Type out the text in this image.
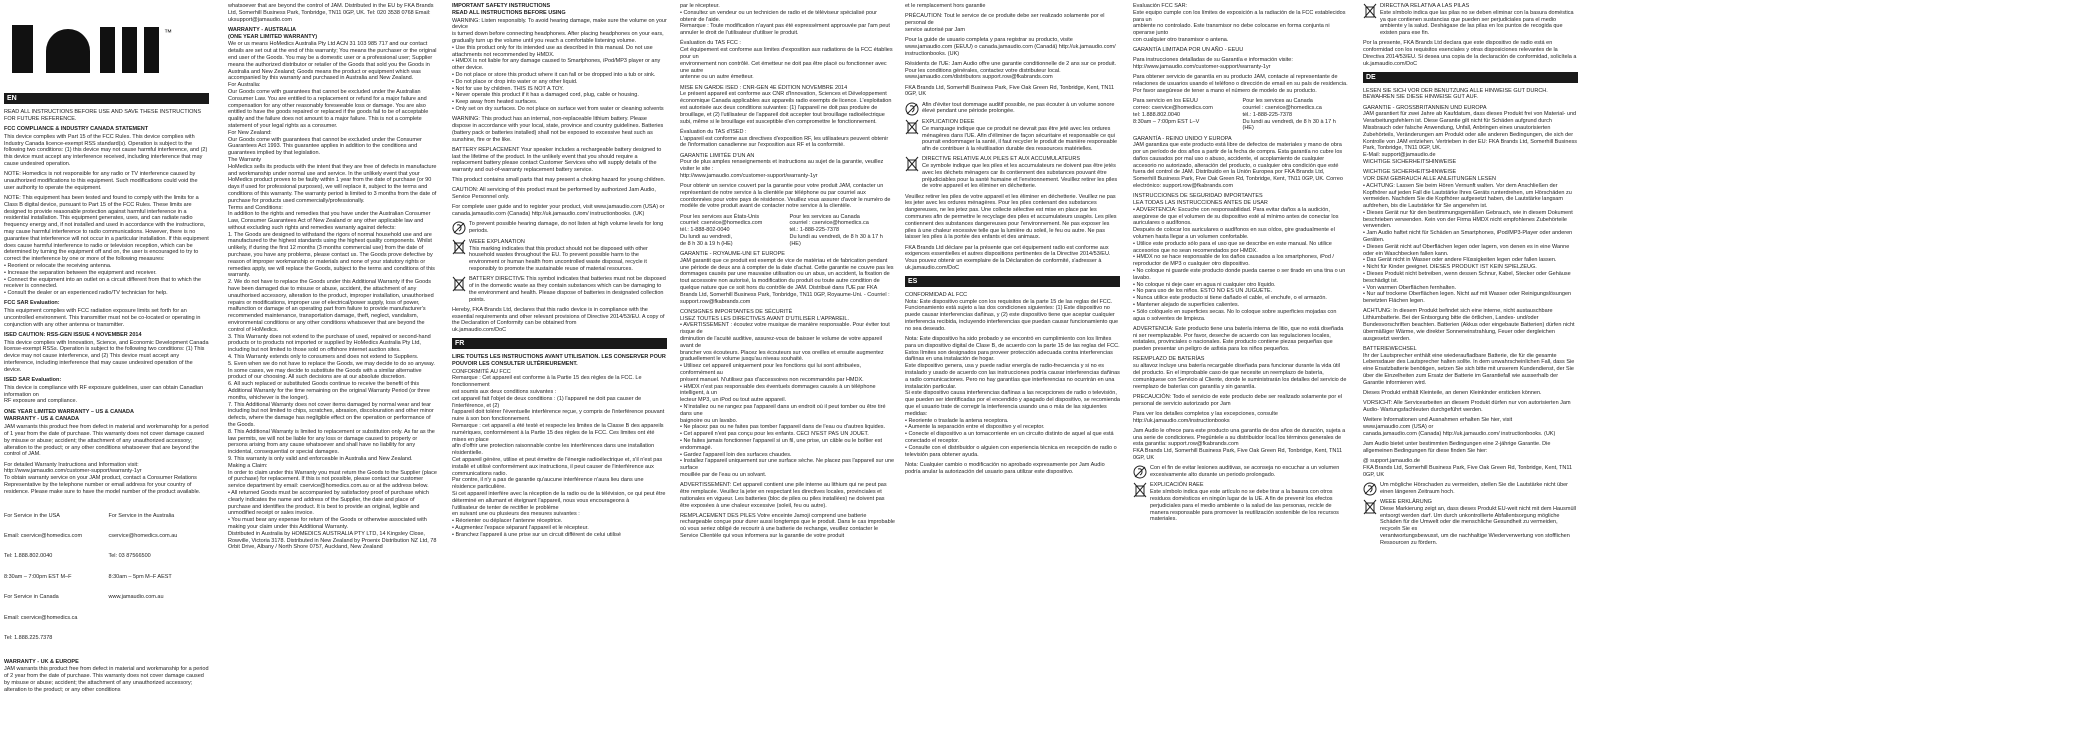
™
EN

READ ALL INSTRUCTIONS BEFORE USE AND SAVE THESE INSTRUCTIONS FOR FUTURE REFERENCE.

FCC COMPLIANCE & INDUSTRY CANADA STATEMENT

This device complies with Part 15 of the FCC Rules. This device complies with Industry Canada licence-exempt RSS standard(s). Operation is subject to the following two conditions: (1) this device may not cause harmful interference, and (2) this device must accept any interference received, including interference that may cause undesired operation.

NOTE: Homedics is not responsible for any radio or TV interference caused by unauthorized modifications to this equipment. Such modifications could void the user authority to operate the equipment.

NOTE: This equipment has been tested and found to comply with the limits for a Class B digital device, pursuant to Part 15 of the FCC Rules. These limits are designed to provide reasonable protection against harmful interference in a residential installation. This equipment generates, uses, and can radiate radio frequency energy and, if not installed and used in accordance with the instructions, may cause harmful interference to radio communications. However, there is no guarantee that interference will not occur in a particular installation. If this equipment does cause harmful interference to radio or television reception, which can be determined by turning the equipment off and on, the user is encouraged to try to correct the interference by one or more of the following measures:
• Reorient or relocate the receiving antenna.
• Increase the separation between the equipment and receiver.
• Connect the equipment into an outlet on a circuit different from that to which the receiver is connected.
• Consult the dealer or an experienced radio/TV technician for help.

FCC SAR Evaluation:

This equipment complies with FCC radiation exposure limits set forth for an uncontrolled environment. This transmitter must not be co-located or operating in conjunction with any other antenna or transmitter.

ISED CAUTION: RSS-GEN ISSUE 4 NOVEMBER 2014

This device complies with Innovation, Science, and Economic Development Canada license-exempt RSSs. Operation is subject to the following two conditions: (1) This device may not cause interference, and (2) This device must accept any interference, including interference that may cause undesired operation of the device.

ISED SAR Evaluation:

This device is compliance with RF exposure guidelines, user can obtain Canadian information on
RF exposure and compliance.

ONE YEAR LIMITED WARRANTY – US & CANADA
WARRANTY - US & CANADA

JAM warrants this product free from defect in material and workmanship for a period of 1 year from the date of purchase. This warranty does not cover damage caused by misuse or abuse; accident; the attachment of any unauthorized accessory; alteration to the product; or any other conditions whatsoever that are beyond the control of JAM.

For detailed Warranty Instructions and Information visit:
http://www.jamaudio.com/customer-support/warranty-1yr
To obtain warranty service on your JAM product, contact a Consumer Relations Representative by the telephone number or email address for your country of residence. Please make sure to have the model number of the product available.

For Service in the USA

Email: cservice@homedics.com

Tel: 1.888.802.0040

8:30am – 7:00pm EST M–F

For Service in Canada

Email: cservice@homedics.ca

Tel: 1.888.225.7378

For Service in the Australia

cservice@homedics.com.au

Tel: 03 87566500

8:30am – 5pm M–F AEST

www.jamaudio.com.au

WARRANTY - UK & EUROPE

JAM warrants this product free from defect in material and workmanship for a period of 2 year from the date of purchase. This warranty does not cover damage caused by misuse or abuse; accident; the attachment of any unauthorized accessory; alteration to the product; or any other conditions

whatsoever that are beyond the control of JAM. Distributed in the EU by FKA Brands Ltd, Somerhill Business Park, Tonbridge, TN11 0GP, UK. Tel: 020 3538 0768 Email: uksupport@jamaudio.com

WARRANTY - AUSTRALIA
(ONE YEAR LIMITED WARRANTY)

We or us means HoMedics Australia Pty Ltd ACN 31 103 985 717 and our contact details are set out at the end of this warranty; You means the purchaser or the original end user of the Goods. You may be a domestic user or a professional user; Supplier means the authorized distributor or retailer of the Goods that sold you the Goods in Australia and New Zealand; Goods means the product or equipment which was accompanied by this warranty and purchased in Australia and New Zealand.
For Australia:
Our Goods come with guarantees that cannot be excluded under the Australian Consumer Law. You are entitled to a replacement or refund for a major failure and compensation for any other reasonably foreseeable loss or damage. You are also entitled to have the goods repaired or replaced if the goods fail to be of acceptable quality and the failure does not amount to a major failure. This is not a complete statement of your legal rights as a consumer.
For New Zealand:
Our Goods come with guarantees that cannot be excluded under the Consumer Guarantees Act 1993. This guarantee applies in addition to the conditions and guarantees implied by that legislation.
The Warranty
HoMedics sells its products with the intent that they are free of defects in manufacture and workmanship under normal use and service. In the unlikely event that your HoMedics product proves to be faulty within 1 year from the date of purchase (or 90 days if used for professional purposes), we will replace it, subject to the terms and conditions of this warranty. The warranty period is limited to 3 months from the date of purchase for products used commercially/professionally.
Terms and Conditions:
In addition to the rights and remedies that you have under the Australian Consumer Law, Consumer Guarantees Act of New Zealand or any other applicable law and without excluding such rights and remedies warranty against defects:
1. The Goods are designed to withstand the rigors of normal household use and are manufactured to the highest standards using the highest quality components. Whilst unlikely, if during the first 12 months (3 months commercial use) from the date of purchase, you have any problems, please contact us. The Goods prove defective by reason of improper workmanship or materials and none of your statutory rights or remedies apply, we will replace the Goods, subject to the terms and conditions of this warranty.
2. We do not have to replace the Goods under this Additional Warranty if the Goods have been damaged due to misuse or abuse, accident, the attachment of any unauthorised accessory, alteration to the product, improper installation, unauthorised repairs or modifications, improper use of electrical/power supply, loss of power, malfunction or damage of an operating part from failure to provide manufacturer's recommended maintenance, transportation damage, theft, neglect, vandalism, environmental conditions or any other conditions whatsoever that are beyond the control of HoMedics.
3. This Warranty does not extend to the purchase of used, repaired or second-hand products or to products not imported or supplied by HoMedics Australia Pty Ltd, including but not limited to those sold on offshore internet auction sites.
4. This Warranty extends only to consumers and does not extend to Suppliers.
5. Even when we do not have to replace the Goods, we may decide to do so anyway. In some cases, we may decide to substitute the Goods with a similar alternative product of our choosing. All such decisions are at our absolute discretion.
6. All such replaced or substituted Goods continue to receive the benefit of this Additional Warranty for the time remaining on the original Warranty Period (or three months, whichever is the longer).
7. This Additional Warranty does not cover items damaged by normal wear and tear including but not limited to chips, scratches, abrasion, discolouration and other minor defects, where the damage has negligible effect on the operation or performance of the Goods.
8. This Additional Warranty is limited to replacement or substitution only. As far as the law permits, we will not be liable for any loss or damage caused to property or persons arising from any cause whatsoever and shall have no liability for any incidental, consequential or special damages.
9. This warranty is only valid and enforceable in Australia and New Zealand.
Making a Claim:
In order to claim under this Warranty you must return the Goods to the Supplier (place of purchase) for replacement. If this is not possible, please contact our customer service department by email: cservice@homedics.com.au or at the address below.
• All returned Goods must be accompanied by satisfactory proof of purchase which clearly indicates the name and address of the Supplier, the date and place of purchase and identifies the product. It is best to provide an original, legible and unmodified receipt or sales invoice.
• You must bear any expense for return of the Goods or otherwise associated with making your claim under this Additional Warranty.
Distributed in Australia by HOMEDICS AUSTRALIA PTY LTD, 14 Kingsley Close, Rowville, Victoria 3178. Distributed in New Zealand by Proenix Distribution NZ Ltd, 78 Orbit Drive, Albany / North Shore 0757, Auckland, New Zealand

IMPORTANT SAFETY INSTRUCTIONS
READ ALL INSTRUCTIONS BEFORE USING

WARNING: Listen responsibly. To avoid hearing damage, make sure the volume on your device
is turned down before connecting headphones. After placing headphones on your ears, gradually turn up the volume until you reach a comfortable listening volume.
• Use this product only for its intended use as described in this manual. Do not use attachments not recommended by HMDX.
• HMDX is not liable for any damage caused to Smartphones, iPod/MP3 player or any other device.
• Do not place or store this product where it can fall or be dropped into a tub or sink.
• Do not place or drop into water or any other liquid.
• Not for use by children. THIS IS NOT A TOY.
• Never operate this product if it has a damaged cord, plug, cable or housing.
• Keep away from heated surfaces.
• Only set on dry surfaces. Do not place on surface wet from water or cleaning solvents

WARNING: This product has an internal, non-replaceable lithium battery. Please dispose in accordance with your local, state, province and country guidelines. Batteries (battery pack or batteries installed) shall not be exposed to excessive heat such as sunshine, fire or the like.

BATTERY REPLACEMENT Your speaker includes a rechargeable battery designed to last the lifetime of the product. In the unlikely event that you should require a replacement battery please contact Customer Services who will supply details of the warranty and out-of-warranty replacement battery service.

This product contains small parts that may present a choking hazard for young children.

CAUTION: All servicing of this product must be performed by authorized Jam Audio, Service Personnel only.

For complete user guide and to register your product, visit www.jamaudio.com (USA) or canada.jamaudio.com (Canada) http://uk.jamaudio.com/ instructionbooks. (UK)

To prevent possible hearing damage, do not listen at high volume levels for long periods.
WEEE EXPLANATION
This marking indicates that this product should not be disposed with other household wastes throughout the EU. To prevent possible harm to the environment or human health from uncontrolled waste disposal, recycle it responsibly to promote the sustainable reuse of material resources.
BATTERY DIRECTIVE This symbol indicates that batteries must not be disposed of in the domestic waste as they contain substances which can be damaging to the environment and health. Please dispose of batteries in designated collection points.

Hereby, FKA Brands Ltd, declares that this radio device is in compliance with the essential requirements and other relevant provisions of Directive 2014/53/EU. A copy of the Declaration of Conformity can be obtained from
uk.jamaudio.com/DoC

FR
LIRE TOUTES LES INSTRUCTIONS AVANT UTILISATION. LES CONSERVER POUR POUVOIR LES CONSULTER ULTÉRIEUREMENT.

CONFORMITÉ AU FCC
Remarque : Cet appareil est conforme à la Partie 15 des règles de la FCC. Le fonctionnement
est soumis aux deux conditions suivantes :
cet appareil fait l'objet de deux conditions : (1) l'appareil ne doit pas causer de l'interférence, et (2)
l'appareil doit tolérer l'éventuelle interférence reçue, y compris de l'interférence pouvant nuire à son bon fonctionnement.
Remarque : cet appareil a été testé et respecte les limites de la Classe B des appareils
numériques, conformément à la Partie 15 des règles de la FCC. Ces limites ont été mises en place
afin d'offrir une protection raisonnable contre les interférences dans une installation résidentielle.
Cet appareil génère, utilise et peut émettre de l'énergie radioélectrique et, s'il n'est pas installé et utilisé conformément aux instructions, il peut causer de l'interférence aux communications radio.
Par contre, il n'y a pas de garantie qu'aucune interférence n'aura lieu dans une résidence particulière.
Si cet appareil interfère avec la réception de la radio ou de la télévision, ce qui peut être déterminé en allumant et éteignant l'appareil, nous vous encourageons à
l'utilisateur de tenter de rectifier le problème
en suivant une ou plusieurs des mesures suivantes :
• Réorienter ou déplacer l'antenne réceptrice.
• Augmentez l'espace séparant l'appareil et le récepteur.
• Branchez l'appareil à une prise sur un circuit différent de celui utilisé

par le récepteur.
• Consultez un vendeur ou un technicien de radio et de téléviseur spécialisé pour obtenir de l'aide.
Remarque : Toute modification n'ayant pas été expressément approuvée par l'am peut annuler le droit de l'utilisateur d'utiliser le produit.

Évaluation du TAS FCC :
Cet équipement est conforme aux limites d'exposition aux radiations de la FCC établies pour un
environnement non contrôlé. Cet émetteur ne doit pas être placé ou fonctionner avec une autre
antenne ou un autre émetteur.

MISE EN GARDE ISED : CNR-GEN 4E ÉDITION NOVEMBRE 2014
Le présent appareil est conforme aux CNR d'Innovation, Sciences et Développement économique Canada applicables aux appareils radio exempts de licence. L'exploitation est autorisée aux deux conditions suivantes: (1) l'appareil ne doit pas produire de brouillage, et (2) l'utilisateur de l'appareil doit accepter tout brouillage radioélectrique subi, même si le brouillage est susceptible d'en compromettre le fonctionnement.

Évaluation du TAS d'ISED :
L'appareil est conforme aux directives d'exposition RF, les utilisateurs peuvent obtenir de l'information canadienne sur l'exposition aux RF et la conformité.

GARANTIE LIMITÉE D'UN AN
Pour de plus amples renseignements et instructions au sujet de la garantie, veuillez visiter le site :
http://www.jamaudio.com/customer-support/warranty-1yr

Pour obtenir un service couvert par la garantie pour votre produit JAM, contacter un représentant de notre service à la clientèle par téléphone ou par courriel aux coordonnées pour votre pays de résidence. Veuillez vous assurer d'avoir le numéro de modèle de votre produit avant de contacter notre service à la clientèle.

Pour les services aux États-Unis
courriel: cservice@homedics.com
tél.: 1-888-802-0040
Du lundi au vendredi,
de 8 h 30 à 19 h (HE)
Pour les services au Canada
courriel : cservice@homedics.ca
tél.: 1-888-225-7378
Du lundi au vendredi, de 8 h 30 à 17 h (HE)

GARANTIE - ROYAUME-UNI ET EUROPE
JAM garantit que ce produit est exempt de vice de matériau et de fabrication pendant une période de deux ans à compter de la date d'achat. Cette garantie ne couvre pas les dommages causés par une mauvaise utilisation ou un abus, un accident, la fixation de tout accessoire non autorisé, la modification du produit ou toute autre condition de quelque nature que ce soit hors du contrôle de JAM. Distribué dans l'UE par FKA Brands Ltd, Somerhill Business Park, Tonbridge, TN11 0GP, Royaume-Uni. - Courriel : support.row@fkabrands.com

CONSIGNES IMPORTANTES DE SÉCURITÉ
LISEZ TOUTES LES DIRECTIVES AVANT D'UTILISER L'APPAREIL.
• AVERTISSEMENT : écoutez votre musique de manière responsable. Pour éviter tout risque de
diminution de l'acuité auditive, assurez-vous de baisser le volume de votre appareil avant de
brancher vos écouteurs. Placez les écouteurs sur vos oreilles et ensuite augmentez graduellement le volume jusqu'au niveau souhaité.
• Utilisez cet appareil uniquement pour les fonctions qui lui sont attribuées, conformément au
présent manuel. N'utilisez pas d'accessoires non recommandés par HMDX.
• HMDX n'est pas responsable des éventuels dommages causés à un téléphone intelligent, à un
lecteur MP3, un iPod ou tout autre appareil.
• N'installez ou ne rangez pas l'appareil dans un endroit où il peut tomber ou être tiré dans une
baignoire ou un lavabo.
• Ne placez pas ou ne faites pas tomber l'appareil dans de l'eau ou d'autres liquides.
• Cet appareil n'est pas conçu pour les enfants. CECI N'EST PAS UN JOUET.
• Ne faites jamais fonctionner l'appareil si un fil, une prise, un câble ou le boîtier est endommagé.
• Gardez l'appareil loin des surfaces chaudes.
• Installez l'appareil uniquement sur une surface sèche. Ne placez pas l'appareil sur une surface
mouillée par de l'eau ou un solvant.

ADVERTISSEMENT: Cet appareil contient une pile interne au lithium qui ne peut pas être remplacée. Veuillez la jeter en respectant les directives locales, provinciales et nationales en vigueur. Les batteries (bloc de piles ou piles installées) ne doivent pas être exposées à une chaleur excessive (soleil, feu ou autre).

REMPLACEMENT DES PILES Votre enceinte Jamoji comprend une batterie rechargeable conçue pour durer aussi longtemps que le produit. Dans le cas improbable où vous seriez obligé de recourir à une batterie de rechange, veuillez contacter le Service Clientèle qui vous informera sur la garantie de votre produit

et le remplacement hors garantie

PRÉCAUTION: Tout le service de ce produite debe ser realizado solamente por el personal de
service autorisé par Jam

Pour la guide de usuario completa y para registrar su producto, visite www.jamaudio.com (EEUU) o canada.jamaudio.com (Canadá) http://uk.jamaudio.com/ instructionbooks. (UK)

Résidents de l'UE: Jam Audio offre une garantie conditionnelle de 2 ans sur ce produit. Pour les conditions générales, contactez votre distributeur local.
www.jamaudio.com/distributors support.row@fkabrands.com

FKA Brands Ltd, Somerhill Business Park, Five Oak Green Rd, Tonbridge, Kent, TN11 0GP, UK

Afin d'éviter tout dommage auditif possible, ne pas écouter à un volume sonore élevé pendant une période prolongée.
EXPLICATION DEEE
Ce marquage indique que ce produit ne devrait pas être jeté avec les ordures ménagères dans l'UE. Afin d'éliminer de façon sécuritaire et responsable ce qui pourrait endommager la santé, il faut recycler le produit de manière responsable afin de contribuer à la réutilisation durable des ressources matérielles.
DIRECTIVE RELATIVE AUX PILES ET AUX ACCUMULATEURS
Ce symbole indique que les piles et les accumulateurs ne doivent pas être jetés avec les déchets ménagers car ils contiennent des substances pouvant être préjudiciables pour la santé humaine et l'environnement. Veuillez retirer les piles de votre appareil et les éliminer en déchetterie.

Veuillez retirer les piles de votre appareil et les éliminer en déchetterie. Veuillez ne pas les jeter avec les ordures ménagères. Pour les piles contenant des substances dangereuses, ne les jetez pas. Une collecte sélective est mise en place par les communes afin de permettre le recyclage des piles et accumulateurs usagés. Les piles contiennent des substances dangereuses pour l'environnement. Ne pas exposer les piles à une chaleur excessive telle que la lumière du soleil, le feu ou autre. Ne pas laisser les piles à la portée des enfants et des animaux.

FKA Brands Ltd déclare par la présente que cet équipement radio est conforme aux exigences essentielles et autres dispositions pertinentes de la Directive 2014/53/EU. Vous pouvez obtenir un exemplaire de la Déclaration de conformité, s'adresser à uk.jamaudio.com/DoC

ES

CONFORMIDAD AL FCC
Nota: Este dispositivo cumple con los requisitos de la parte 15 de las reglas del FCC.
Funcionamiento está sujeto a las dos condiciones siguientes: (1) Este dispositivo no puede causar interferencias dañinas, y (2) este dispositivo tiene que aceptar cualquier interferencia recibida, incluyendo interferencias que puedan causar funcionamiento que no sea deseado.

Nota: Este dispositivo ha sido probado y se encontró en cumplimiento con los límites para un dispositivo digital de Clase B, de acuerdo con la parte 15 de las reglas del FCC. Estos límites son designados para proveer protección adecuada contra interferencias dañinas en una instalación de hogar.
Este dispositivo genera, usa y puede radiar energía de radio-frecuencia y si no es instalado y usado de acuerdo con las instrucciones podría causar interferencias dañinas a radio comunicaciones. Pero no hay garantías que interferencias no ocurrirán en una instalación particular.
Si este dispositivo causa interferencias dañinas a las recepciones de radio o televisión, que pueden ser identificadas por el encendido y apagado del dispositivo, se recomienda que el usuario trate de corregir la interferencia usando una o más de las siguientes medidas:
• Reoriente o traslade la antena receptora.
• Aumente la separación entre el dispositivo y el receptor.
• Conecte el dispositivo a un tomacorriente en un circuito distinto de aquel al que está conectado el receptor.
• Consulte con el distribuidor o alguien con experiencia técnica en recepción de radio o televisión para obtener ayuda.

Nota: Cualquier cambio o modificación no aprobado expresamente por Jam Audio podría anular la autorización del usuario para utilizar este dispositivo.

Evaluación FCC SAR:
Este equipo cumple con los límites de exposición a la radiación de la FCC establecidos para un
ambiente no controlado. Este transmisor no debe colocarse en forma conjunta ni operarse junto
con cualquier otro transmisor o antena.

GARANTÍA LIMITADA POR UN AÑO - EEUU

Para instrucciones detalladas de su Garantía e información visite:
http://www.jamaudio.com/customer-support/warranty-1yr

Para obtener servicio de garantía en su producto JAM, contacte al representante de relaciones de usuarios usando el teléfono o dirección de email en su país de residencia. Por favor asegúrese de tener a mano el número de modelo de su producto.

Para servicio en los EEUU
correo: cservice@homedics.com
tel: 1.888.802.0040
8:30am – 7:00pm EST L–V
Pour les services au Canada
courriel : cservice@homedics.ca
tél.: 1-888-225-7378
Du lundi au vendredi, de 8 h 30 à 17 h (HE)

GARANTÍA - REINO UNIDO Y EUROPA
JAM garantiza que este producto está libre de defectos de materiales y mano de obra por un período de dos años a partir de la fecha de compra. Esta garantía no cubre los daños causados por mal uso o abuso, accidente, el acoplamiento de cualquier accesorio no autorizado, alteración del producto, o cualquier otra condición que esté fuera del control de JAM. Distribuido en la Unión Europea por FKA Brands Ltd, Somerhill Business Park, Five Oak Green Rd, Tonbridge, Kent, TN11 0GP, UK. Correo electrónico: support.row@fkabrands.com

INSTRUCCIONES DE SEGURIDAD IMPORTANTES
LEA TODAS LAS INSTRUCCIONES ANTES DE USAR
• ADVERTENCIA: Escuche con responsabilidad. Para evitar daños a la audición, asegúrese de que el volumen de su dispositivo esté al mínimo antes de conectar los auriculares o audífonos.
Después de colocar los auriculares o audífonos en sus oídos, gire gradualmente el volumen hasta llegar a un volumen confortable.
• Utilice este producto sólo para el uso que se describe en este manual. No utilice accesorios que no sean recomendados por HMDX.
• HMDX no se hace responsable de los daños causados a los smartphones, iPod / reproductor de MP3 o cualquier otro dispositivo.
• No coloque ni guarde este producto donde pueda caerse o ser tirado en una tina o un lavabo.
• No coloque ni deje caer en agua ni cualquier otro líquido.
• No para uso de los niños. ESTO NO ES UN JUGUETE.
• Nunca utilice este producto si tiene dañado el cable, el enchufe, o el armazón.
• Mantener alejado de superficies calientes.
• Sólo colóquelo en superficies secas. No lo coloque sobre superficies mojadas con agua o solventes de limpieza.

ADVERTENCIA: Este producto tiene una batería interna de litio, que no está diseñada ni ser reemplazable. Por favor, deseche de acuerdo con las regulaciones locales, estatales, provinciales o nacionales. Este producto contiene piezas pequeñas que pueden presentar un peligro de asfixia para los niños pequeños.

REEMPLAZO DE BATERÍAS
su altavoz incluye una batería recargable diseñada para funcionar durante la vida útil del producto. En el improbable caso de que necesite un reemplazo de batería, comuníquese con Servicio al Cliente, donde le suministrarán los detalles del servicio de reemplazo de baterías con garantía y sin garantía.

PRECAUCIÓN: Todo el servicio de este producto debe ser realizado solamente por el personal de servicio autorizado por Jam

Para ver los detalles completos y las excepciones, consulte http://uk.jamaudio.com/instructionbooks

Jam Audio le ofrece para este producto una garantía de dos años de duración, sujeta a una serie de condiciones. Pregúntele a su distribuidor local los términos generales de esta garantía: support.row@fkabrands.com
FKA Brands Ltd, Somerhill Business Park, Five Oak Green Rd, Tonbridge, Kent, TN11 0GP, UK

Con el fin de evitar lesiones auditivas, se aconseja no escuchar a un volumen excesivamente alto durante un periodo prolongado.
EXPLICACIÓN RAEE
Este símbolo indica que este artículo no se debe tirar a la basura con otros residuos domésticos en ningún lugar de la UE. A fin de prevenir los efectos perjudiciales para el medio ambiente o la salud de las personas, recicle de manera responsable para promover la reutilización sostenible de los recursos materiales.
DIRECTIVA RELATIVA A LAS PILAS
Este símbolo indica que las pilas no se deben eliminar con la basura doméstica ya que contienen sustancias que pueden ser perjudiciales para el medio ambiente y la salud. Deshágase de las pilas en los puntos de recogida que existen para ese fin.

Por la presente, FKA Brands Ltd declara que este dispositivo de radio está en conformidad con los requisitos esenciales y otras disposiciones relevantes de la Directiva 2014/53/EU. Si desea una copia de la declaración de conformidad, solicítela a uk.jamaudio.com/DoC

DE

LESEN SIE SICH VOR DER BENUTZUNG ALLE HINWEISE GUT DURCH. BEWAHREN SIE DIESE HINWEISE GUT AUF.

GARANTIE - GROSSBRITANNIEN UND EUROPA
JAM garantiert für zwei Jahre ab Kaufdatum, dass dieses Produkt frei von Material- und Verarbeitungsfehlern ist. Diese Garantie gilt nicht für Schäden aufgrund durch Missbrauch oder falsche Anwendung, Unfall, Anbringen eines unautorisierten Zubehörteils, Veränderungen am Produkt oder alle anderen Bedingungen, die sich der Kontrolle von JAM entziehen. Vertrieben in der EU: FKA Brands Ltd, Somerhill Business Park, Tonbridge, TN11 0GP, UK.
E-Mail: support@jamaudio.de
WICHTIGE SICHERHEITSHINWEISE

WICHTIGE SICHERHEITSHINWEISE
VOR DEM GEBRAUCH ALLE ANLEITUNGEN LESEN
• ACHTUNG: Lassen Sie beim Hören Vernunft walten. Vor dem Anschließen der Kopfhörer auf jeden Fall die Lautstärke Ihres Geräts runterdrehen, um Hörschäden zu vermeiden. Nachdem Sie die Kopfhörer aufgesetzt haben, die Lautstärke langsam aufdrehen, bis die Lautstärke für Sie angenehm ist.
• Dieses Gerät nur für den bestimmungsgemäßen Gebrauch, wie in diesem Dokument beschrieben verwenden. Kein von der Firma HMDX nicht empfohlenes Zubehörteile verwenden.
• Jam Audio haftet nicht für Schäden an Smartphones, iPod/MP3-Player oder anderen Geräten.
• Dieses Gerät nicht auf Oberflächen legen oder lagern, von denen es in eine Wanne oder ein Waschbecken fallen kann.
• Das Gerät nicht in Wasser oder andere Flüssigkeiten legen oder fallen lassen.
• Nicht für Kinder geeignet. DIESES PRODUKT IST KEIN SPIELZEUG.
• Dieses Produkt nicht betreiben, wenn dessen Schnur, Kabel, Stecker oder Gehäuse beschädigt ist.
• Von warmen Oberflächen fernhalten.
• Nur auf trockene Oberflächen legen. Nicht auf mit Wasser oder Reinigungslösungen benetzten Flächen legen.

ACHTUNG: In diesem Produkt befindet sich eine interne, nicht austauschbare Lithiumbatterie. Bei der Entsorgung bitte die örtlichen, Landes- und/oder Bundesvorschriften beachten. Batterien (Akkus oder eingebaute Batterien) dürfen nicht übermäßiger Wärme, wie direkter Sonneneinstrahlung, Feuer oder dergleichen ausgesetzt werden.

BATTERIEWECHSEL
Ihr der Lautsprecher enthält eine wiederaufladbare Batterie, die für die gesamte Lebensdauer des Lautsprecher halten sollte. In dem unwahrscheinlichen Fall, dass Sie eine Ersatzbatterie benötigen, setzen Sie sich bitte mit unserem Kundendienst, der Sie über die Einzelheiten zum Ersatz der Batterie im Garantiefall wie ausserhalb der Garantie informieren wird.

Dieses Produkt enthält Kleinteile, an denen Kleinkinder ersticken können.

VORSICHT: Alle Servicearbeiten an diesem Produkt dürfen nur von autorisierten Jam Audio- Wartungsfachleuten durchgeführt werden.

Weitere Informationen und Ausnahmen erhalten Sie hier, visit
www.jamaudio.com (USA) or
canada.jamaudio.com (Canada) http://uk.jamaudio.com/ instructionbooks. (UK)

Jam Audio bietet unter bestimmten Bedingungen eine 2-jährige Garantie. Die allgemeinen Bedingungen für diese finden Sie hier:

@ support.jamaudio.de
FKA Brands Ltd, Somerhill Business Park, Five Oak Green Rd, Tonbridge, Kent, TN11 0GP, UK

Um mögliche Hörschaden zu vermeiden, stellen Sie die Lautstärke nicht über einen längeren Zeitraum hoch.
WEEE ERKLÄRUNG
Diese Markierung zeigt an, dass dieses Produkt EU-weit nicht mit dem Hausmüll entsorgt werden darf. Um durch unkontrollierte Abfallentsorgung mögliche Schäden für die Umwelt oder die menschliche Gesundheit zu vermeiden, recyceln Sie es
verantwortungsbewusst, um die nachhaltige Wiederverwertung von stofflichen Ressourcen zu fördern.
